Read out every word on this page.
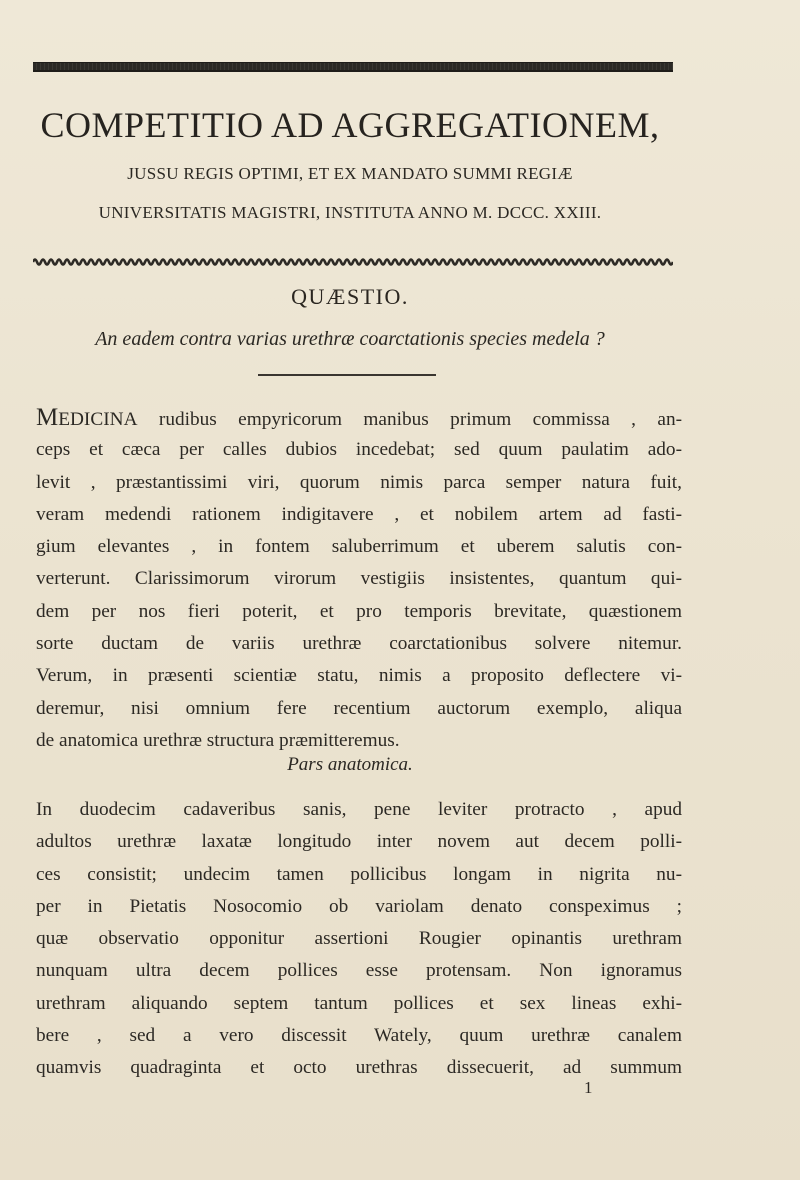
COMPETITIO AD AGGREGATIONEM,
JUSSU REGIS OPTIMI, ET EX MANDATO SUMMI REGIÆ
UNIVERSITATIS MAGISTRI, INSTITUTA ANNO M. DCCC. XXIII.
QUÆSTIO.
An eadem contra varias urethræ coarctationis species medela ?
MEDICINA rudibus empyricorum manibus primum commissa , an-
ceps et cæca per calles dubios incedebat; sed quum paulatim ado-
levit , præstantissimi viri, quorum nimis parca semper natura fuit,
veram medendi rationem indigitavere , et nobilem artem ad fasti-
gium elevantes , in fontem saluberrimum et uberem salutis con-
verterunt. Clarissimorum virorum vestigiis insistentes, quantum qui-
dem per nos fieri poterit, et pro temporis brevitate, quæstionem
sorte ductam de variis urethræ coarctationibus solvere nitemur.
Verum, in præsenti scientiæ statu, nimis a proposito deflectere vi-
deremur, nisi omnium fere recentium auctorum exemplo, aliqua
de anatomica urethræ structura præmitteremus.
Pars anatomica.
In duodecim cadaveribus sanis, pene leviter protracto , apud
adultos urethræ laxatæ longitudo inter novem aut decem polli-
ces consistit; undecim tamen pollicibus longam in nigrita nu-
per in Pietatis Nosocomio ob variolam denato conspeximus ;
quæ observatio opponitur assertioni Rougier opinantis urethram
nunquam ultra decem pollices esse protensam. Non ignoramus
urethram aliquando septem tantum pollices et sex lineas exhi-
bere , sed a vero discessit Wately, quum urethræ canalem
quamvis quadraginta et octo urethras dissecuerit, ad summum
1
